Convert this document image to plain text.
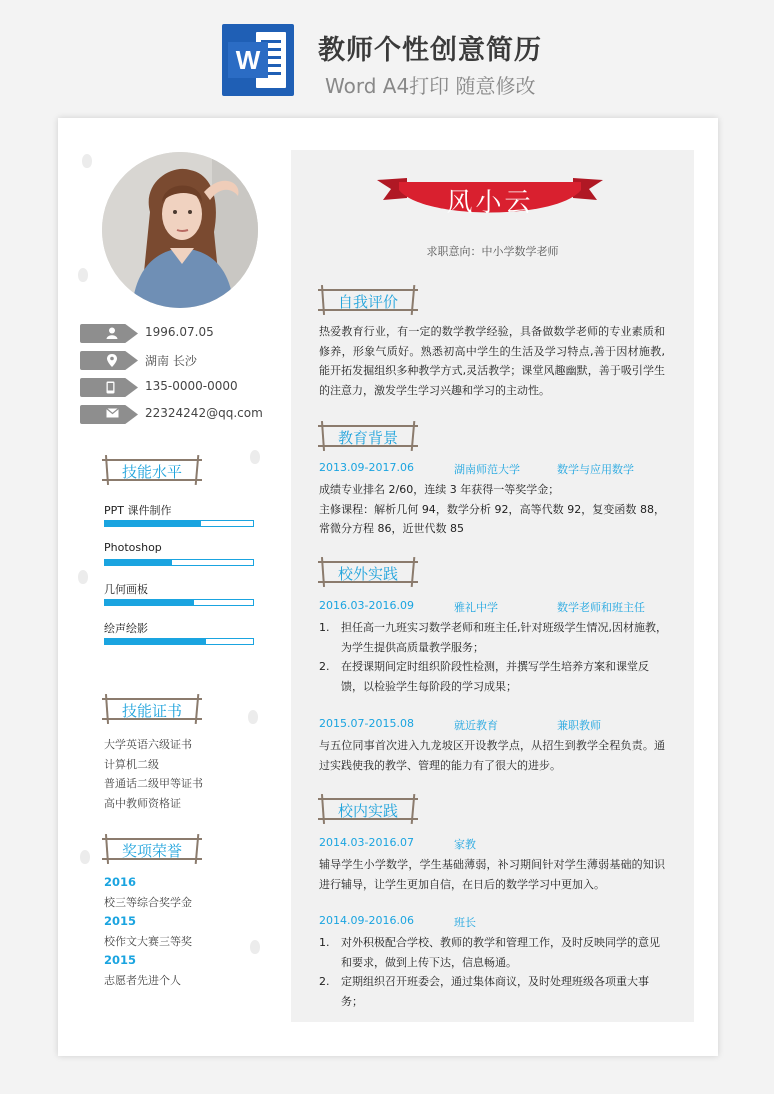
W 教师个性创意简历
Word A4打印 随意修改
1996.07.05
湖南 长沙
135-0000-0000
22324242@qq.com
技能水平
PPT 课件制作
Photoshop
几何画板
绘声绘影
技能证书
大学英语六级证书
计算机二级
普通话二级甲等证书
高中教师资格证
奖项荣誉
2016
校三等综合奖学金
2015
校作文大赛三等奖
2015
志愿者先进个人
风小云
求职意向：中小学数学老师
自我评价
热爱教育行业，有一定的数学教学经验，具备做数学老师的专业素质和修养，形象气质好。熟悉初高中学生的生活及学习特点,善于因材施教,能开拓发掘组织多种教学方式,灵活教学；课堂风趣幽默，善于吸引学生的注意力，激发学生学习兴趣和学习的主动性。
教育背景
2013.09-2017.06	湖南师范大学	数学与应用数学
成绩专业排名 2/60，连续 3 年获得一等奖学金；
主修课程：解析几何 94，数学分析 92，高等代数 92，复变函数 88，常微分方程 86，近世代数 85
校外实践
2016.03-2016.09	雅礼中学	数学老师和班主任
1. 担任高一九班实习数学老师和班主任,针对班级学生情况,因材施教，为学生提供高质量教学服务；
2. 在授课期间定时组织阶段性检测，并撰写学生培养方案和课堂反馈，以检验学生每阶段的学习成果；
2015.07-2015.08	就近教育	兼职教师
与五位同事首次进入九龙坡区开设教学点，从招生到教学全程负责。通过实践使我的教学、管理的能力有了很大的进步。
校内实践
2014.03-2016.07	家教
辅导学生小学数学，学生基础薄弱，补习期间针对学生薄弱基础的知识进行辅导，让学生更加自信，在日后的数学学习中更加入。
2014.09-2016.06	班长
1. 对外积极配合学校、教师的教学和管理工作，及时反映同学的意见和要求，做到上传下达，信息畅通。
2. 定期组织召开班委会，通过集体商议，及时处理班级各项重大事务；
